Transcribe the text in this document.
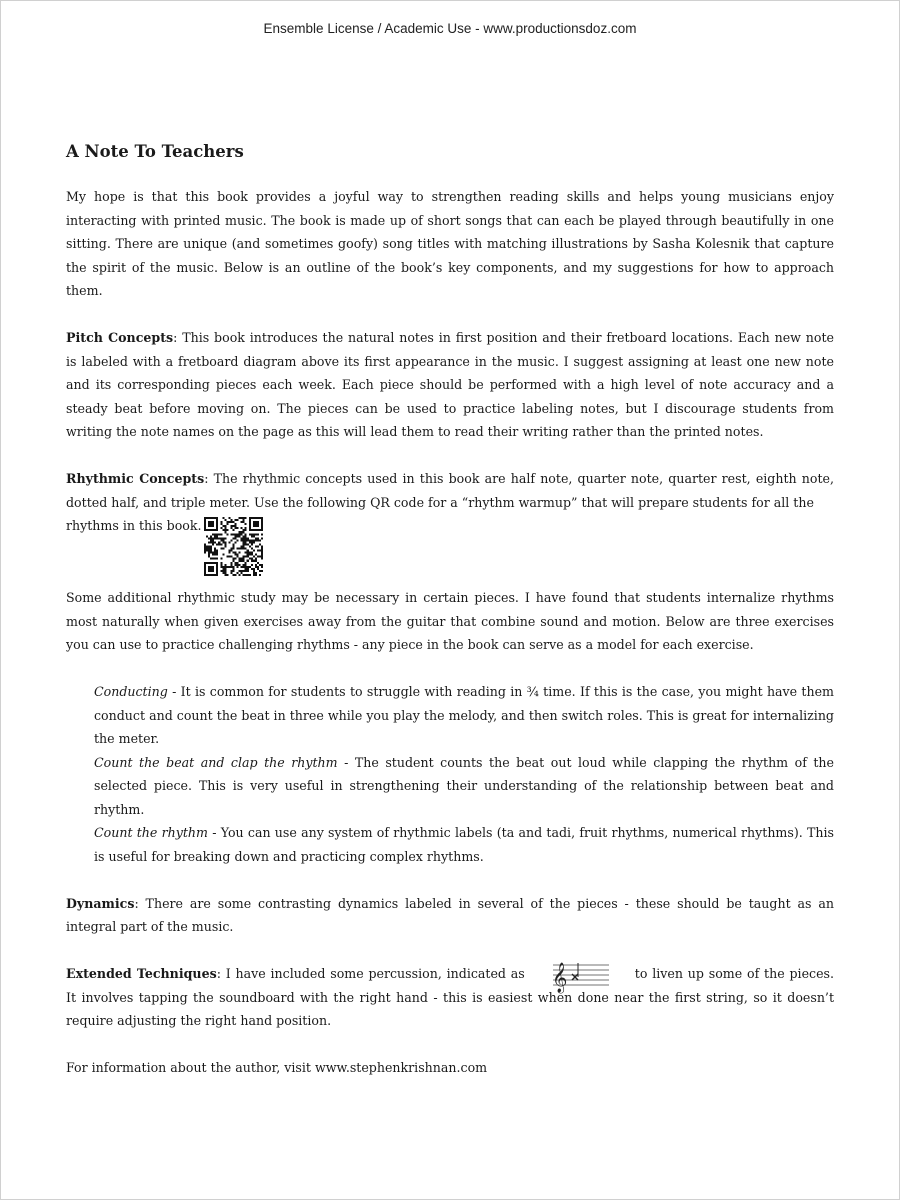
Ensemble License / Academic Use - www.productionsdoz.com
A Note To Teachers

My hope is that this book provides a joyful way to strengthen reading skills and helps young musicians enjoy interacting with printed music. The book is made up of short songs that can each be played through beautifully in one sitting. There are unique (and sometimes goofy) song titles with matching illustrations by Sasha Kolesnik that capture the spirit of the music. Below is an outline of the book’s key components, and my suggestions for how to approach them.

Pitch Concepts: This book introduces the natural notes in first position and their fretboard locations. Each new note is labeled with a fretboard diagram above its first appearance in the music. I suggest assigning at least one new note and its corresponding pieces each week. Each piece should be performed with a high level of note accuracy and a steady beat before moving on. The pieces can be used to practice labeling notes, but I discourage students from writing the note names on the page as this will lead them to read their writing rather than the printed notes.

Rhythmic Concepts: The rhythmic concepts used in this book are half note, quarter note, quarter rest, eighth note, dotted half, and triple meter. Use the following QR code for a “rhythm warmup” that will prepare students for all the

rhythms in this book.

Some additional rhythmic study may be necessary in certain pieces. I have found that students internalize rhythms most naturally when given exercises away from the guitar that combine sound and motion. Below are three exercises you can use to practice challenging rhythms - any piece in the book can serve as a model for each exercise.

Conducting - It is common for students to struggle with reading in ¾ time. If this is the case, you might have them conduct and count the beat in three while you play the melody, and then switch roles. This is great for internalizing the meter.

Count the beat and clap the rhythm - The student counts the beat out loud while clapping the rhythm of the selected piece. This is very useful in strengthening their understanding of the relationship between beat and rhythm.

Count the rhythm - You can use any system of rhythmic labels (ta and tadi, fruit rhythms, numerical rhythms). This is useful for breaking down and practicing complex rhythms.

Dynamics: There are some contrasting dynamics labeled in several of the pieces - these should be taught as an integral part of the music.

Extended Techniques: I have included some percussion, indicated as 𝄞	to liven up some of the pieces. It involves tapping the soundboard with the right hand - this is easiest when done near the first string, so it doesn’t require adjusting the right hand position.

For information about the author, visit www.stephenkrishnan.com
